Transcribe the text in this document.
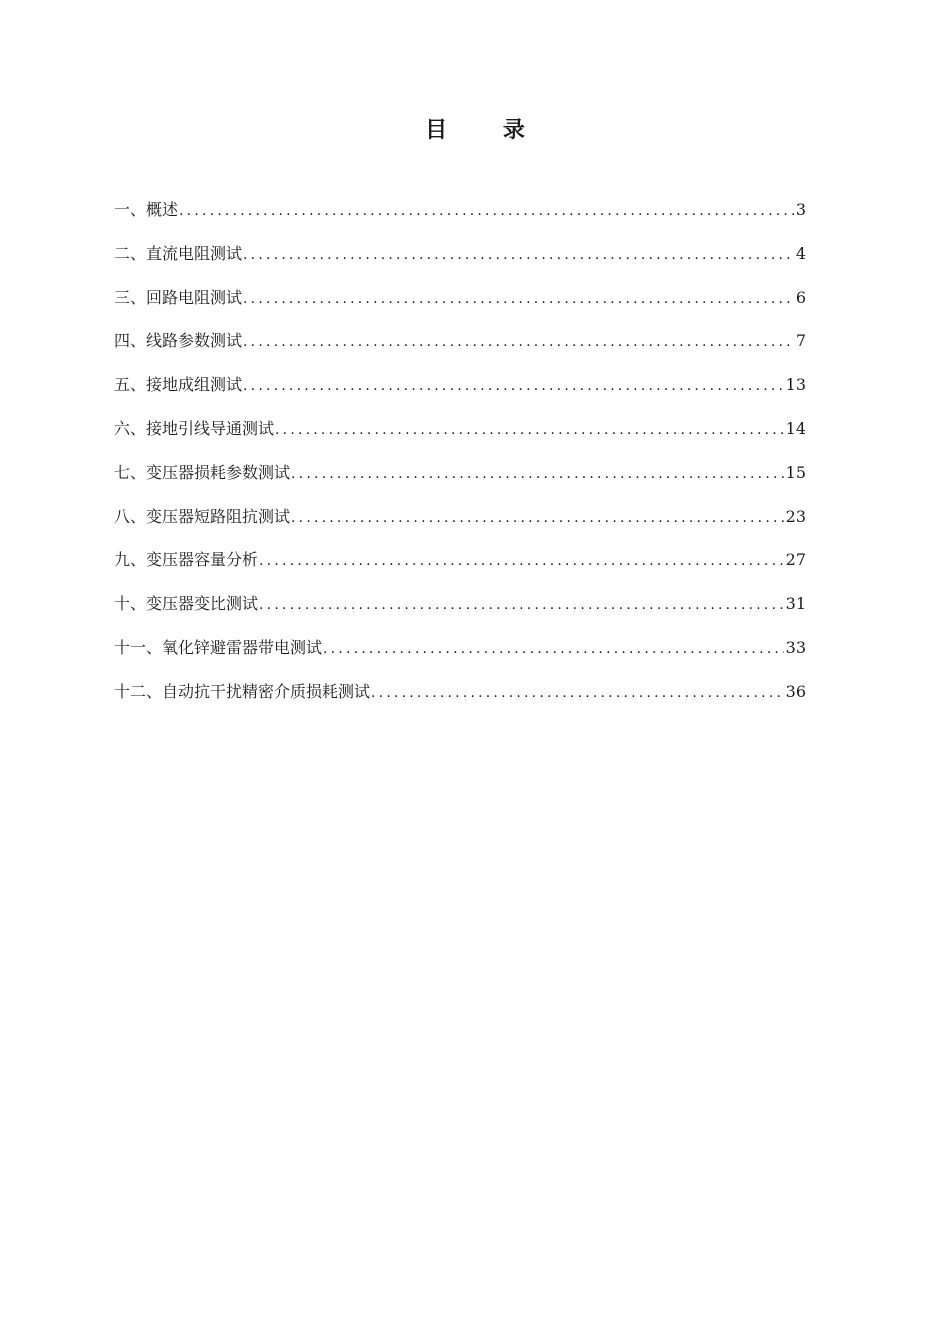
目 录
一、概述 .....	3
二、直流电阻测试 .....	4
三、回路电阻测试 .....	6
四、线路参数测试 .....	7
五、接地成组测试 .....	13
六、接地引线导通测试 .....	14
七、变压器损耗参数测试 .....	15
八、变压器短路阻抗测试 .....	23
九、变压器容量分析 .....	27
十、变压器变比测试 .....	31
十一、氧化锌避雷器带电测试 .....	33
十二、自动抗干扰精密介质损耗测试 .....	36
